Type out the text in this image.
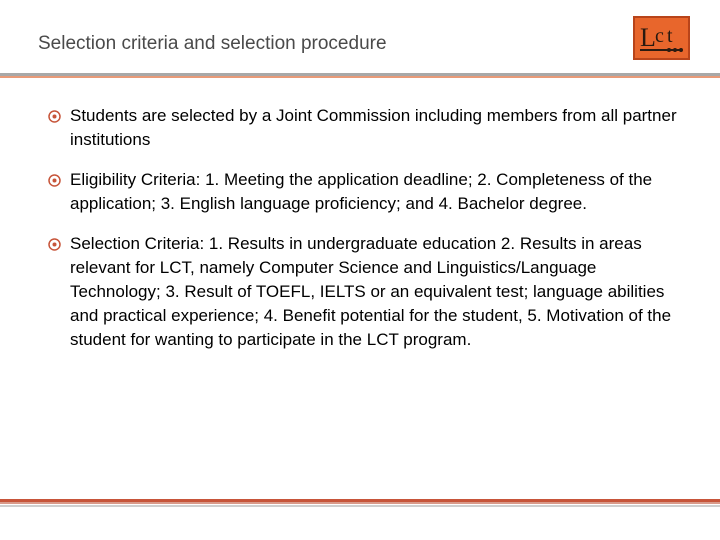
Selection criteria and selection procedure	L c t
Students are selected by a Joint Commission including members from all partner institutions
Eligibility Criteria: 1. Meeting the application deadline; 2. Completeness of the application; 3. English language proficiency; and 4. Bachelor degree.
Selection Criteria: 1. Results in undergraduate education 2. Results in areas relevant for LCT, namely Computer Science and Linguistics/Language Technology; 3. Result of TOEFL, IELTS or an equivalent test; language abilities and practical experience; 4. Benefit potential for the student, 5. Motivation of the student for wanting to participate in the LCT program.
